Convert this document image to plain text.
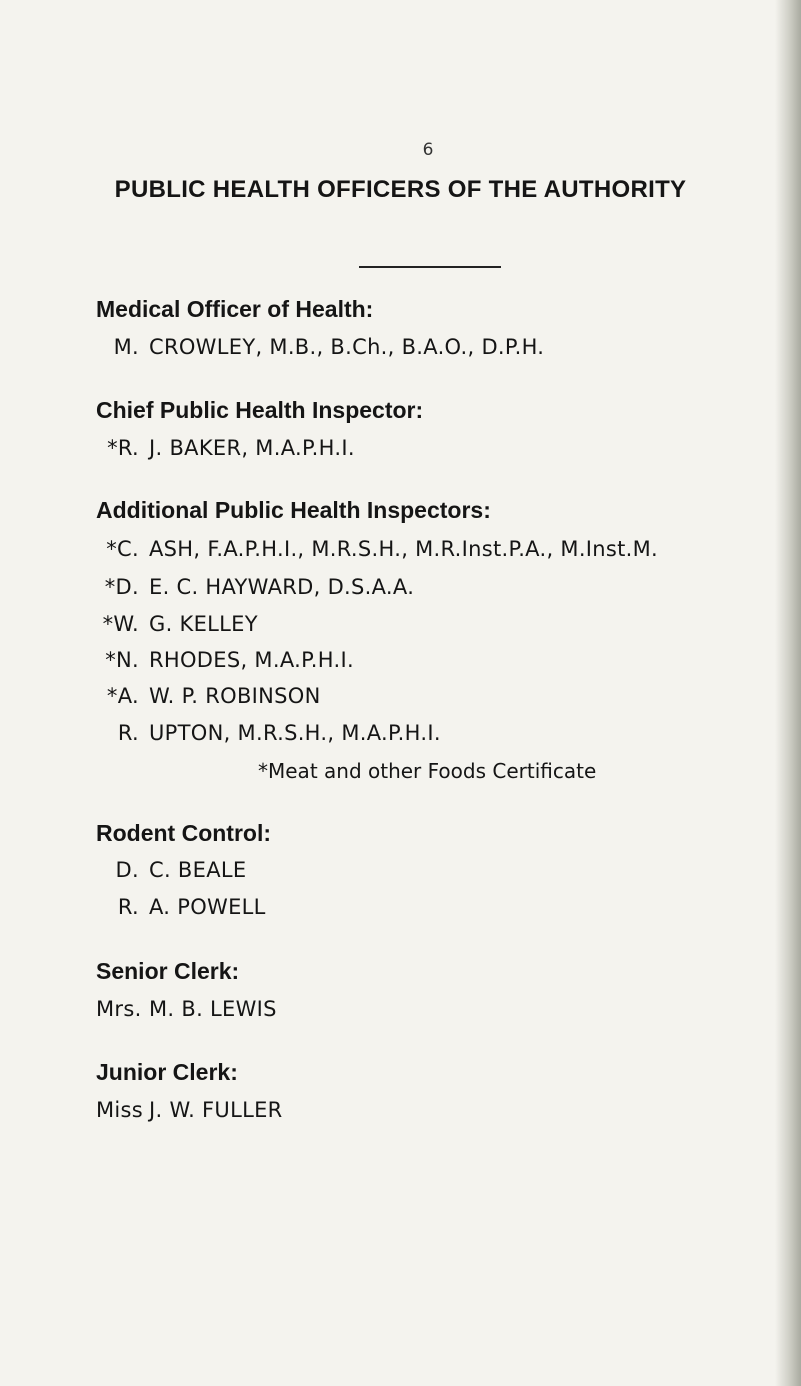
6
PUBLIC HEALTH OFFICERS OF THE AUTHORITY
Medical Officer of Health:
M. CROWLEY, M.B., B.Ch., B.A.O., D.P.H.
Chief Public Health Inspector:
*R. J. BAKER, M.A.P.H.I.
Additional Public Health Inspectors:
*C. ASH, F.A.P.H.I., M.R.S.H., M.R.Inst.P.A., M.Inst.M.
*D. E. C. HAYWARD, D.S.A.A.
*W. G. KELLEY
*N. RHODES, M.A.P.H.I.
*A. W. P. ROBINSON
R. UPTON, M.R.S.H., M.A.P.H.I.
*Meat and other Foods Certificate
Rodent Control:
D. C. BEALE
R. A. POWELL
Senior Clerk:
Mrs. M. B. LEWIS
Junior Clerk:
Miss J. W. FULLER
